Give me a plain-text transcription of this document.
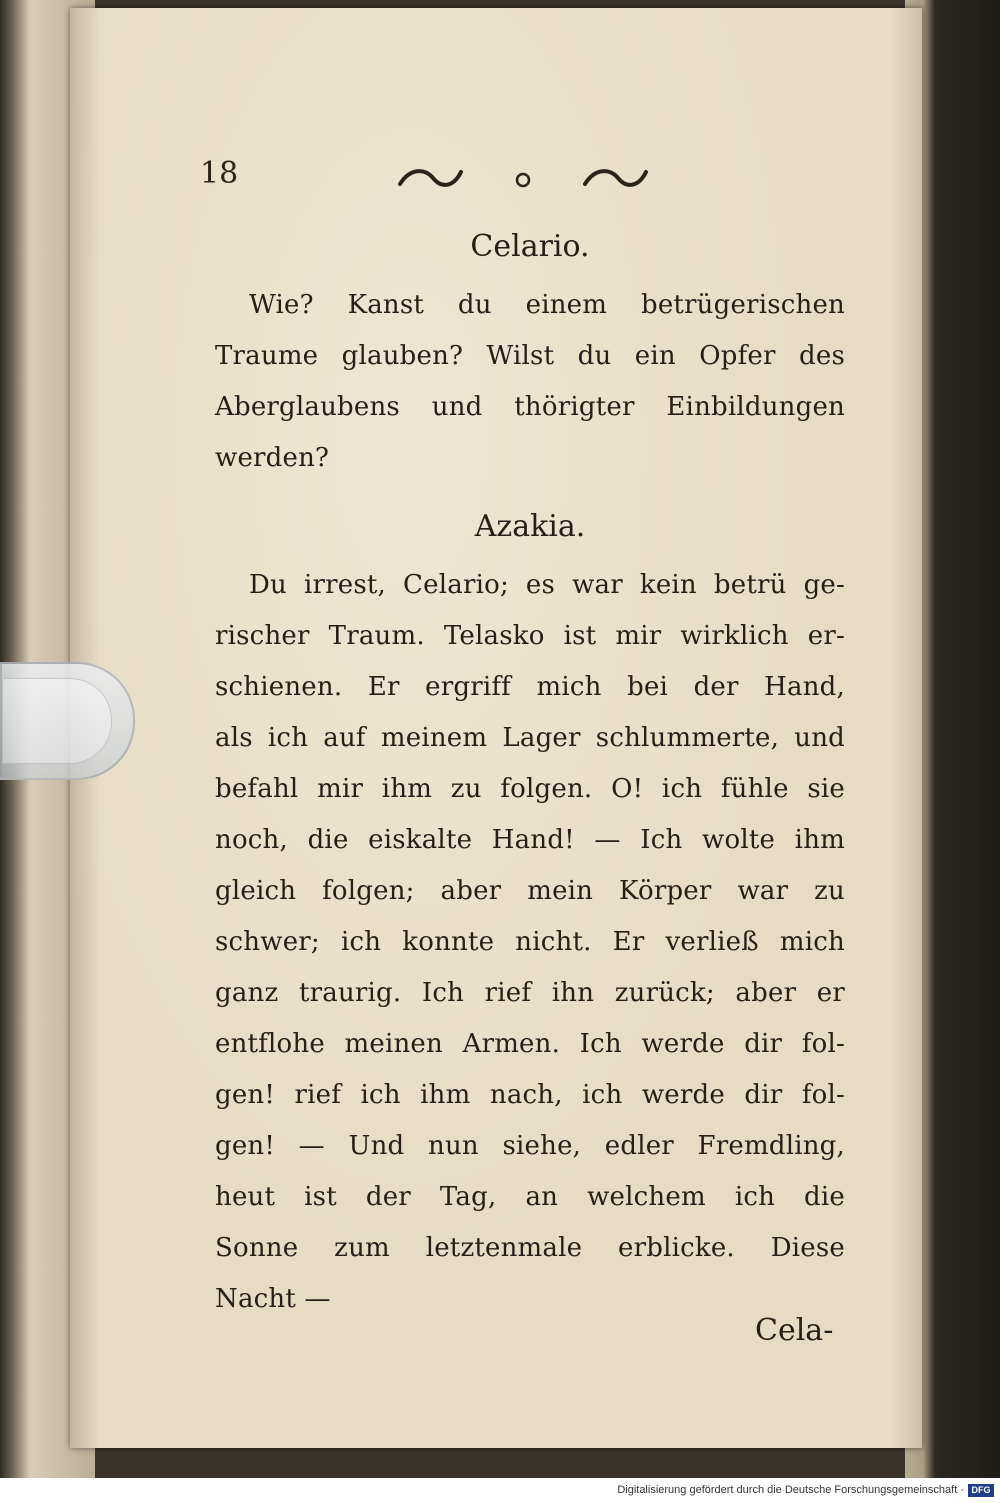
18

Celario.

Wie? Kanst du einem betrügerischen
Traume glauben? Wilst du ein Opfer des
Aberglaubens und thörigter Einbildungen
werden?

Azakia.

Du irrest, Celario; es war kein betrü ge-
rischer Traum. Telasko ist mir wirklich er-
schienen. Er ergriff mich bei der Hand,
als ich auf meinem Lager schlummerte, und
befahl mir ihm zu folgen. O! ich fühle sie
noch, die eiskalte Hand! — Ich wolte ihm
gleich folgen; aber mein Körper war zu
schwer; ich konnte nicht. Er verließ mich
ganz traurig. Ich rief ihn zurück; aber er
entflohe meinen Armen. Ich werde dir fol-
gen! rief ich ihm nach, ich werde dir fol-
gen! — Und nun siehe, edler Fremdling,
heut ist der Tag, an welchem ich die
Sonne zum letztenmale erblicke. Diese
Nacht —
Cela-
Digitalisierung gefördert durch die Deutsche Forschungsgemeinschaft · DFG
